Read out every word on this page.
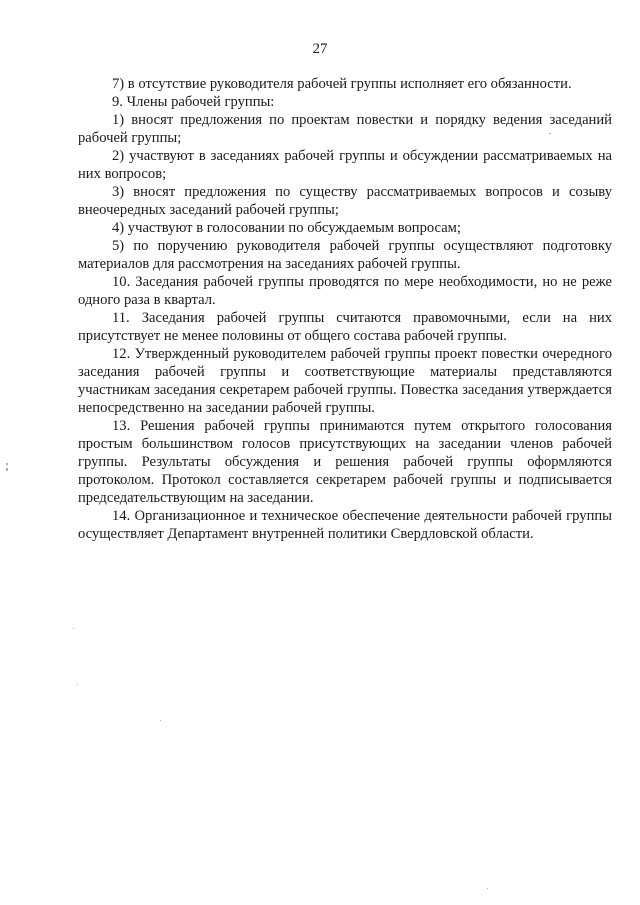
27

7) в отсутствие руководителя рабочей группы исполняет его обязанности.

9. Члены рабочей группы:

1) вносят предложения по проектам повестки и порядку ведения заседаний рабочей группы;

2) участвуют в заседаниях рабочей группы и обсуждении рассматриваемых на них вопросов;

3) вносят предложения по существу рассматриваемых вопросов и созыву внеочередных заседаний рабочей группы;

4) участвуют в голосовании по обсуждаемым вопросам;

5) по поручению руководителя рабочей группы осуществляют подготовку материалов для рассмотрения на заседаниях рабочей группы.

10. Заседания рабочей группы проводятся по мере необходимости, но не реже одного раза в квартал.

11. Заседания рабочей группы считаются правомочными, если на них присутствует не менее половины от общего состава рабочей группы.

12. Утвержденный руководителем рабочей группы проект повестки очередного заседания рабочей группы и соответствующие материалы представляются участникам заседания секретарем рабочей группы. Повестка заседания утверждается непосредственно на заседании рабочей группы.

13. Решения рабочей группы принимаются путем открытого голосования простым большинством голосов присутствующих на заседании членов рабочей группы. Результаты обсуждения и решения рабочей группы оформляются протоколом. Протокол составляется секретарем рабочей группы и подписывается председательствующим на заседании.

14. Организационное и техническое обеспечение деятельности рабочей группы осуществляет Департамент внутренней политики Свердловской области.
